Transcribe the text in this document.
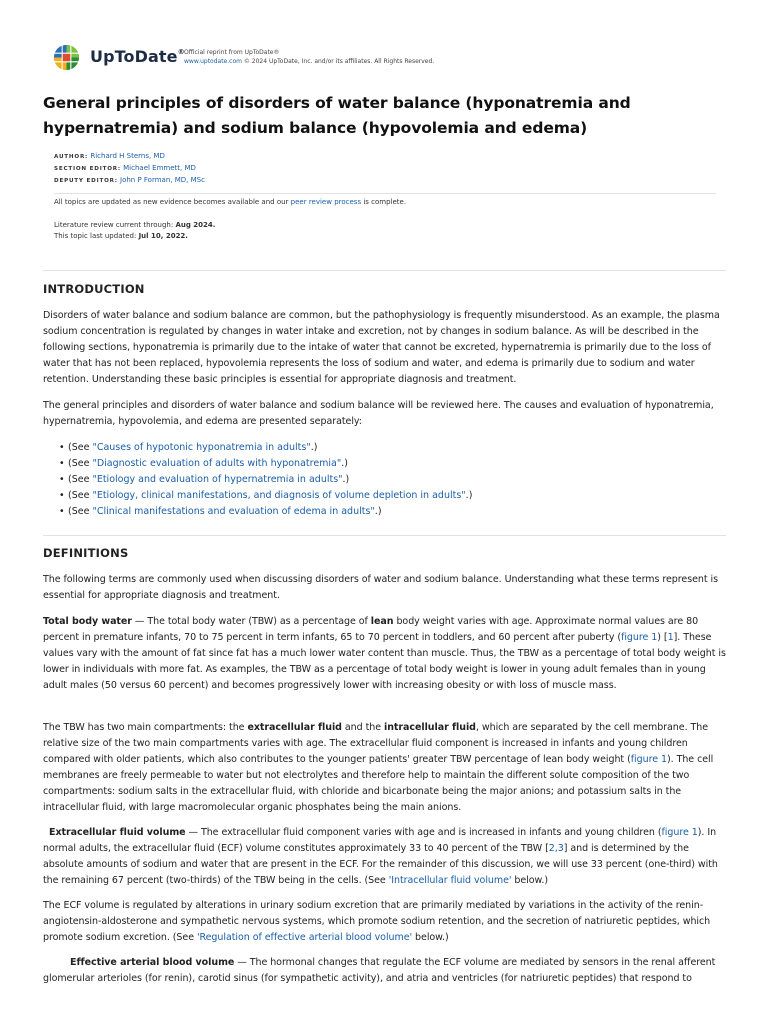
UpToDate® Official reprint from UpToDate®
www.uptodate.com © 2024 UpToDate, Inc. and/or its affiliates. All Rights Reserved.
General principles of disorders of water balance (hyponatremia and hypernatremia) and sodium balance (hypovolemia and edema)
AUTHOR: Richard H Sterns, MD
SECTION EDITOR: Michael Emmett, MD
DEPUTY EDITOR: John P Forman, MD, MSc
All topics are updated as new evidence becomes available and our peer review process is complete.
Literature review current through: Aug 2024.
This topic last updated: Jul 10, 2022.
INTRODUCTION

Disorders of water balance and sodium balance are common, but the pathophysiology is frequently misunderstood. As an example, the plasma sodium concentration is regulated by changes in water intake and excretion, not by changes in sodium balance. As will be described in the following sections, hyponatremia is primarily due to the intake of water that cannot be excreted, hypernatremia is primarily due to the loss of water that has not been replaced, hypovolemia represents the loss of sodium and water, and edema is primarily due to sodium and water retention. Understanding these basic principles is essential for appropriate diagnosis and treatment.

The general principles and disorders of water balance and sodium balance will be reviewed here. The causes and evaluation of hyponatremia, hypernatremia, hypovolemia, and edema are presented separately:

• (See "Causes of hypotonic hyponatremia in adults".)
• (See "Diagnostic evaluation of adults with hyponatremia".)
• (See "Etiology and evaluation of hypernatremia in adults".)
• (See "Etiology, clinical manifestations, and diagnosis of volume depletion in adults".)
• (See "Clinical manifestations and evaluation of edema in adults".)
DEFINITIONS

The following terms are commonly used when discussing disorders of water and sodium balance. Understanding what these terms represent is essential for appropriate diagnosis and treatment.

Total body water — The total body water (TBW) as a percentage of lean body weight varies with age. Approximate normal values are 80 percent in premature infants, 70 to 75 percent in term infants, 65 to 70 percent in toddlers, and 60 percent after puberty (figure 1) [1]. These values vary with the amount of fat since fat has a much lower water content than muscle. Thus, the TBW as a percentage of total body weight is lower in individuals with more fat. As examples, the TBW as a percentage of total body weight is lower in young adult females than in young adult males (50 versus 60 percent) and becomes progressively lower with increasing obesity or with loss of muscle mass.

The TBW has two main compartments: the extracellular fluid and the intracellular fluid, which are separated by the cell membrane. The relative size of the two main compartments varies with age. The extracellular fluid component is increased in infants and young children compared with older patients, which also contributes to the younger patients' greater TBW percentage of lean body weight (figure 1). The cell membranes are freely permeable to water but not electrolytes and therefore help to maintain the different solute composition of the two compartments: sodium salts in the extracellular fluid, with chloride and bicarbonate being the major anions; and potassium salts in the intracellular fluid, with large macromolecular organic phosphates being the main anions.

Extracellular fluid volume — The extracellular fluid component varies with age and is increased in infants and young children (figure 1). In normal adults, the extracellular fluid (ECF) volume constitutes approximately 33 to 40 percent of the TBW [2,3] and is determined by the absolute amounts of sodium and water that are present in the ECF. For the remainder of this discussion, we will use 33 percent (one-third) with the remaining 67 percent (two-thirds) of the TBW being in the cells. (See 'Intracellular fluid volume' below.)

The ECF volume is regulated by alterations in urinary sodium excretion that are primarily mediated by variations in the activity of the renin-angiotensin-aldosterone and sympathetic nervous systems, which promote sodium retention, and the secretion of natriuretic peptides, which promote sodium excretion. (See 'Regulation of effective arterial blood volume' below.)

Effective arterial blood volume — The hormonal changes that regulate the ECF volume are mediated by sensors in the renal afferent glomerular arterioles (for renin), carotid sinus (for sympathetic activity), and atria and ventricles (for natriuretic peptides) that respond to
